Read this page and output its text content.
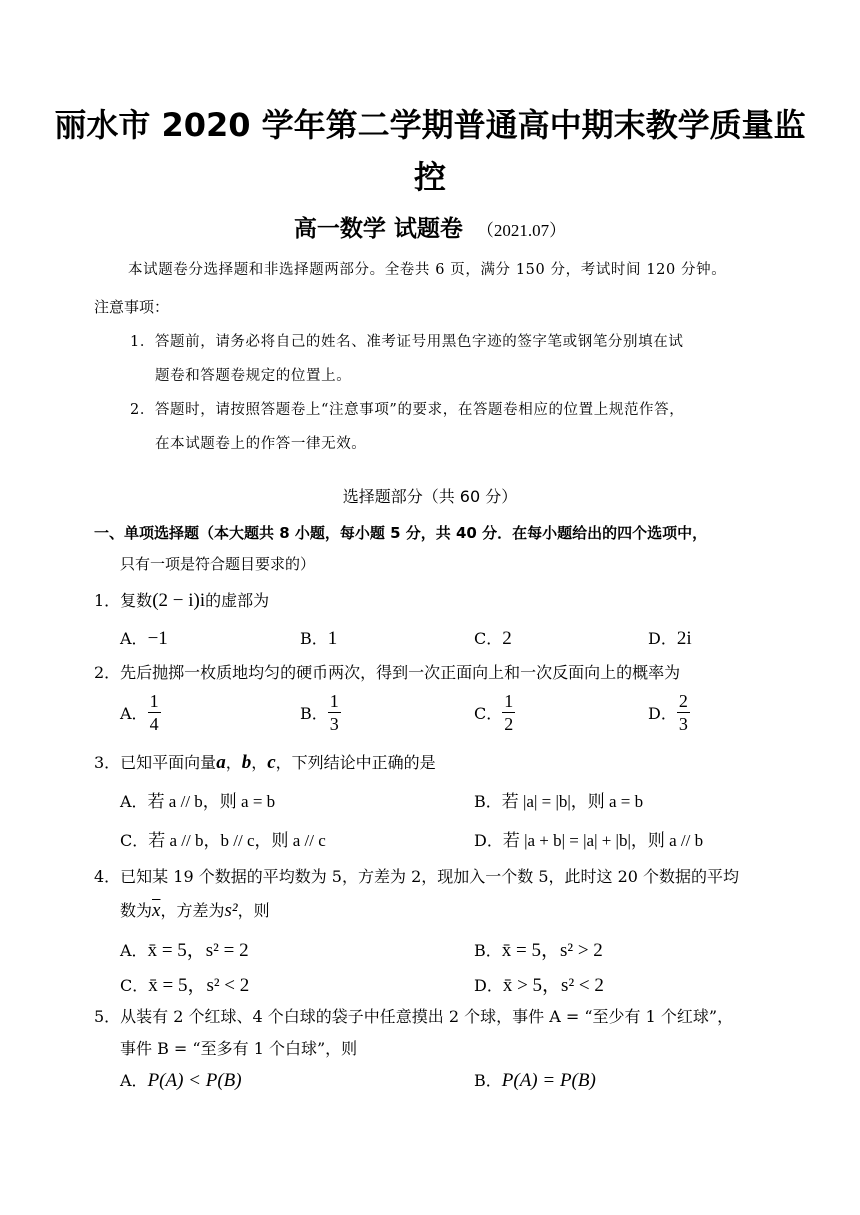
丽水市 2020 学年第二学期普通高中期末教学质量监
控
高一数学 试题卷 （2021.07）
本试题卷分选择题和非选择题两部分。全卷共 6 页，满分 150 分，考试时间 120 分钟。
注意事项：
1．答题前，请务必将自己的姓名、准考证号用黑色字迹的签字笔或钢笔分别填在试
题卷和答题卷规定的位置上。
2．答题时，请按照答题卷上“注意事项”的要求，在答题卷相应的位置上规范作答，
在本试题卷上的作答一律无效。
选择题部分（共 60 分）
一、单项选择题（本大题共 8 小题，每小题 5 分，共 40 分．在每小题给出的四个选项中，
只有一项是符合题目要求的）
1．复数(2 − i)i的虚部为
A．−1	B．1	C．2	D．2i
2．先后抛掷一枚质地均匀的硬币两次，得到一次正面向上和一次反面向上的概率为
A． $\frac{1}{4}$	B． $\frac{1}{3}$	C． $\frac{1}{2}$	D． $\frac{2}{3}$
3．已知平面向量a，b，c，下列结论中正确的是
A．若 a // b，则 a = b	B．若 |a| = |b|，则 a = b
C．若 a // b，b // c，则 a // c	D．若 |a + b| = |a| + |b|，则 a // b
4．已知某 19 个数据的平均数为 5，方差为 2，现加入一个数 5，此时这 20 个数据的平均
数为$\overline{x}$，方差为s²，则
A．x̄ = 5，s² = 2	B．x̄ = 5，s² > 2
C．x̄ = 5，s² < 2	D．x̄ > 5，s² < 2
5．从装有 2 个红球、4 个白球的袋子中任意摸出 2 个球，事件 A = “至少有 1 个红球”，
事件 B = “至多有 1 个白球”，则
A．P(A) < P(B)	B．P(A) = P(B)
